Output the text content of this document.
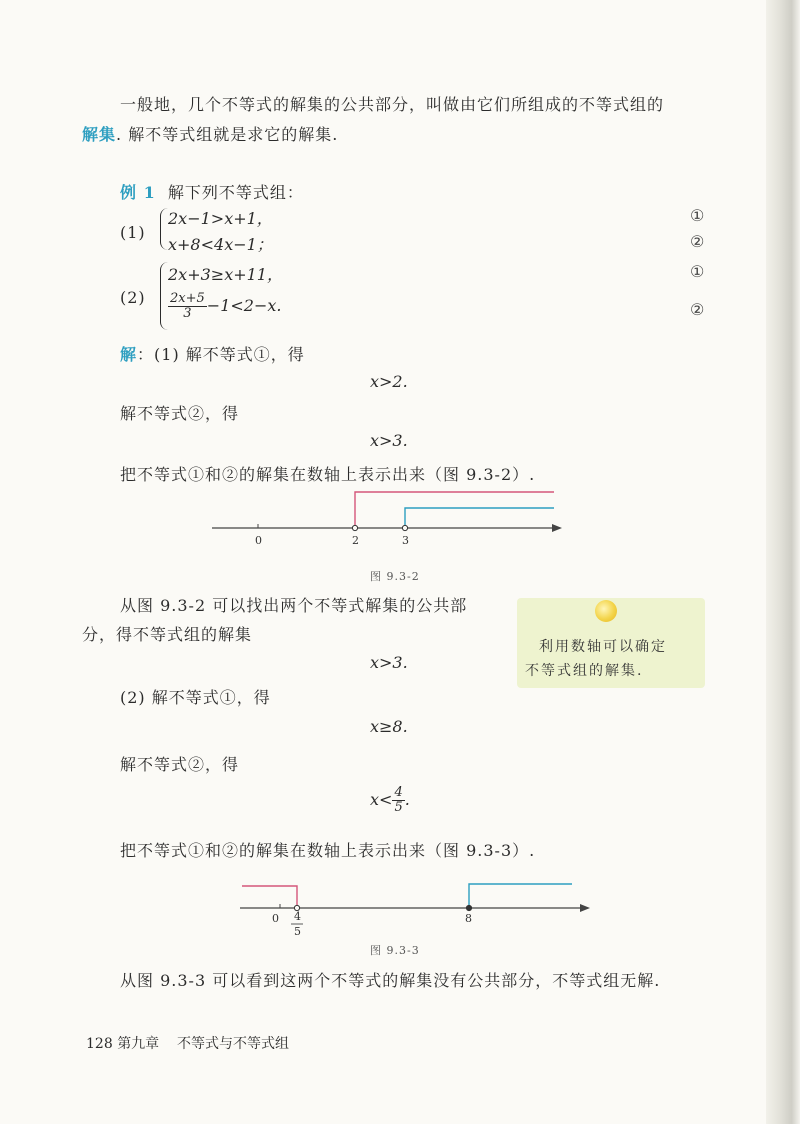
一般地，几个不等式的解集的公共部分，叫做由它们所组成的不等式组的
解集. 解不等式组就是求它的解集.
例 1 解下列不等式组：
(1)
2x−1>x+1，
x+8<4x−1；
①
②
(2)
2x+3≥x+11，
$\frac{2x+5}{3} -1<2-x$.
①
②
解：(1) 解不等式①，得
x>2.
解不等式②，得
x>3.
把不等式①和②的解集在数轴上表示出来（图 9.3-2）.
0	2	3
图 9.3-2
从图 9.3-2 可以找出两个不等式解集的公共部
分，得不等式组的解集
x>3.
利用数轴可以确定
不等式组的解集.
(2) 解不等式①，得
x≥8.
解不等式②，得
$x< \frac{4}{5}$ .
把不等式①和②的解集在数轴上表示出来（图 9.3-3）.
0 4
5
8
图 9.3-3
从图 9.3-3 可以看到这两个不等式的解集没有公共部分，不等式组无解.
128 第九章 不等式与不等式组
